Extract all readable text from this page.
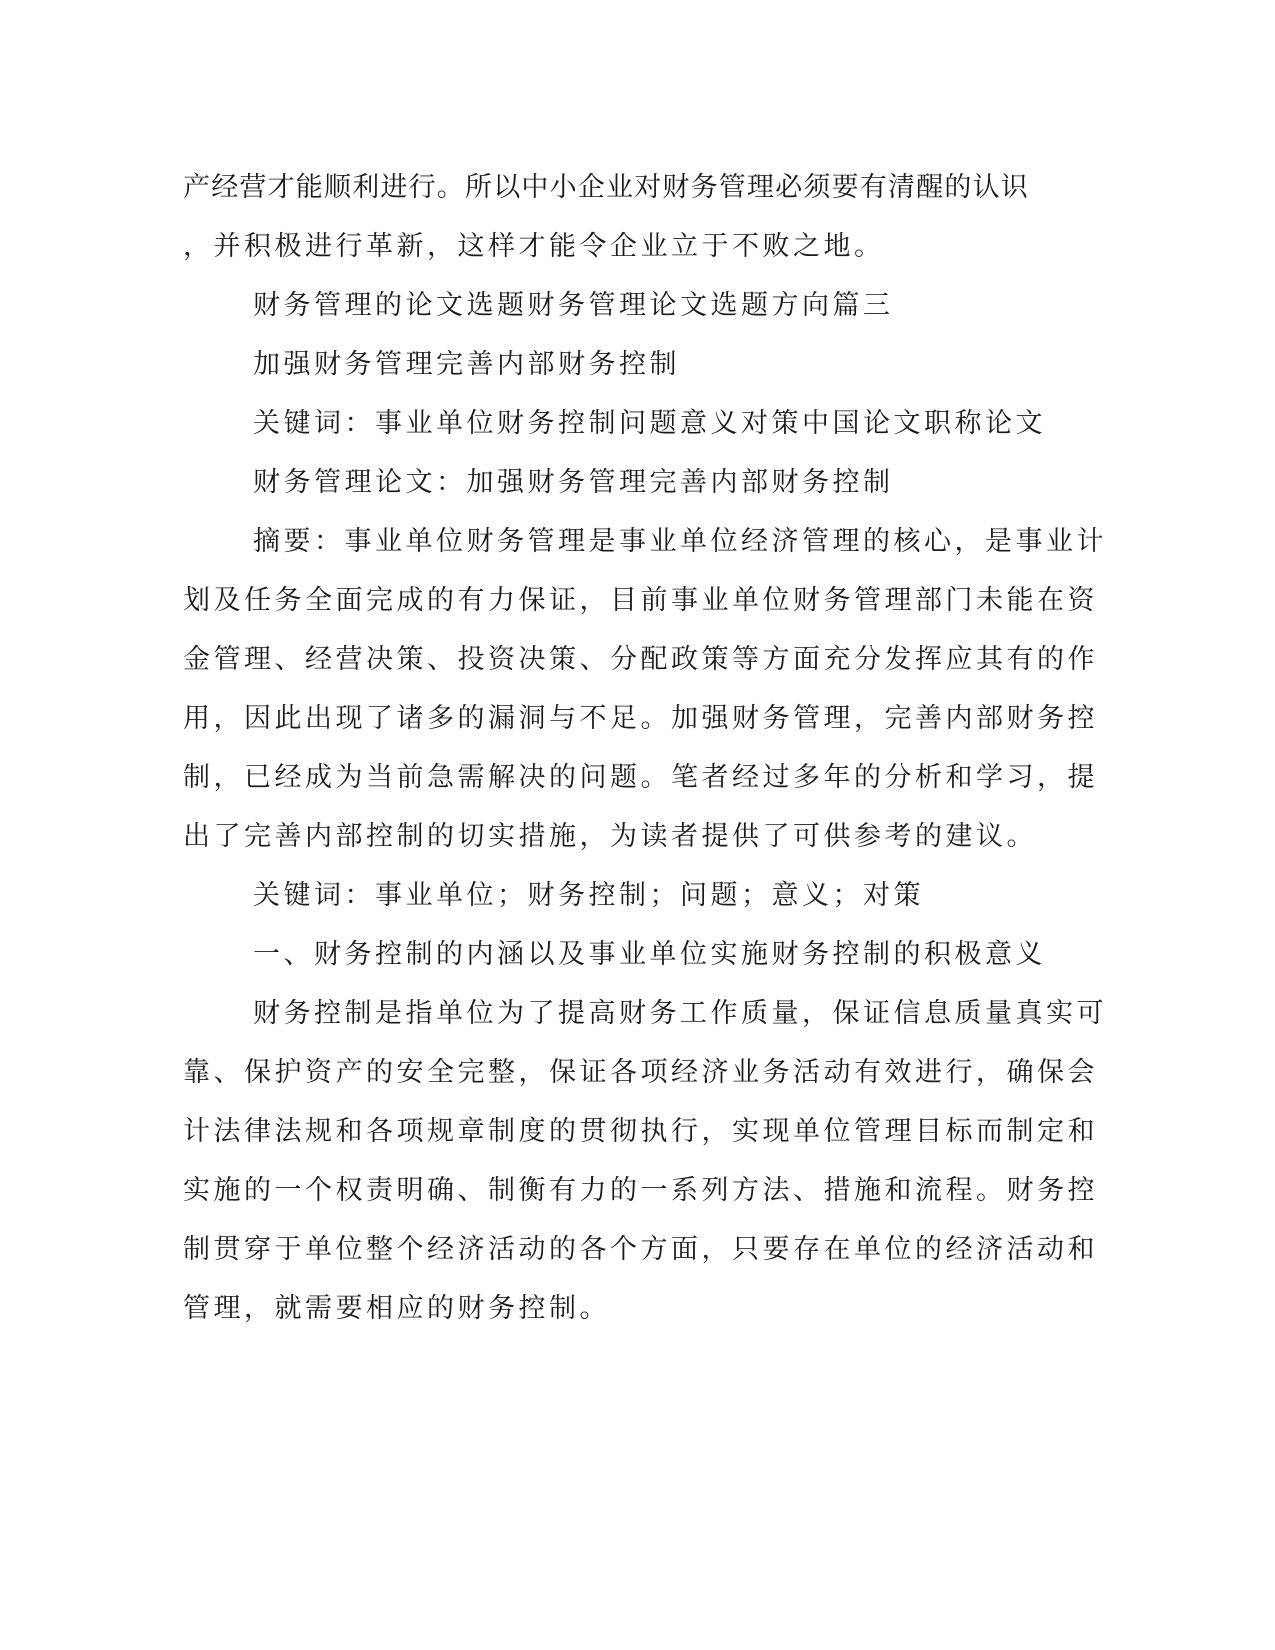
产经营才能顺利进行。所以中小企业对财务管理必须要有清醒的认识

，并积极进行革新，这样才能令企业立于不败之地。

财务管理的论文选题财务管理论文选题方向篇三

加强财务管理完善内部财务控制

关键词：事业单位财务控制问题意义对策中国论文职称论文

财务管理论文：加强财务管理完善内部财务控制

摘要：事业单位财务管理是事业单位经济管理的核心，是事业计

划及任务全面完成的有力保证，目前事业单位财务管理部门未能在资

金管理、经营决策、投资决策、分配政策等方面充分发挥应其有的作

用，因此出现了诸多的漏洞与不足。加强财务管理，完善内部财务控

制，已经成为当前急需解决的问题。笔者经过多年的分析和学习，提

出了完善内部控制的切实措施，为读者提供了可供参考的建议。

关键词：事业单位；财务控制；问题；意义；对策

一、财务控制的内涵以及事业单位实施财务控制的积极意义

财务控制是指单位为了提高财务工作质量，保证信息质量真实可

靠、保护资产的安全完整，保证各项经济业务活动有效进行，确保会

计法律法规和各项规章制度的贯彻执行，实现单位管理目标而制定和

实施的一个权责明确、制衡有力的一系列方法、措施和流程。财务控

制贯穿于单位整个经济活动的各个方面，只要存在单位的经济活动和

管理，就需要相应的财务控制。
